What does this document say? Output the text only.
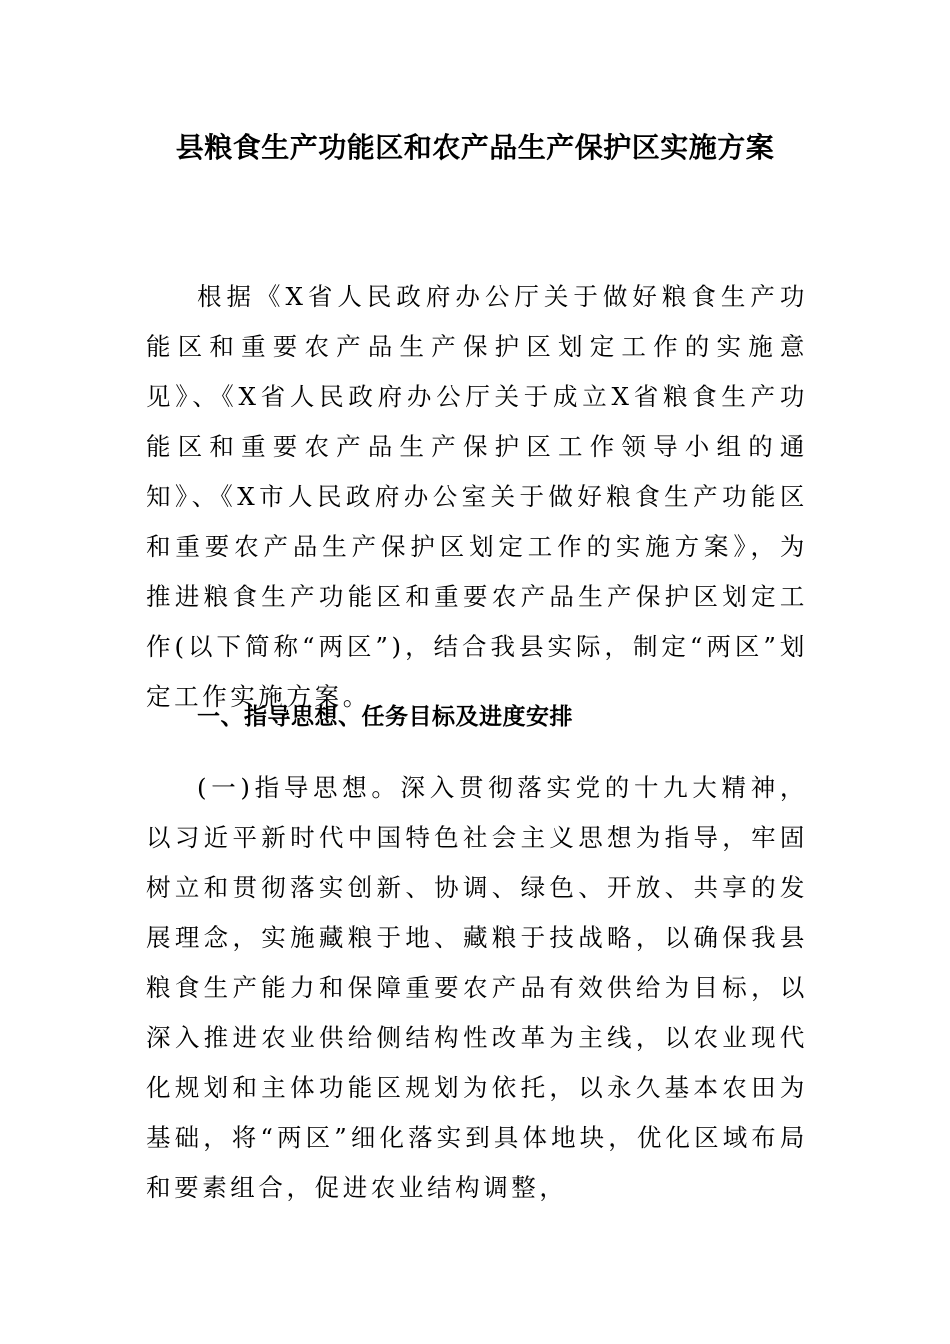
县粮食生产功能区和农产品生产保护区实施方案

根据《X省人民政府办公厅关于做好粮食生产功能区和重要农产品生产保护区划定工作的实施意见》、《X省人民政府办公厅关于成立X省粮食生产功能区和重要农产品生产保护区工作领导小组的通知》、《X市人民政府办公室关于做好粮食生产功能区和重要农产品生产保护区划定工作的实施方案》，为推进粮食生产功能区和重要农产品生产保护区划定工作(以下简称“两区”)，结合我县实际，制定“两区”划定工作实施方案。

一、指导思想、任务目标及进度安排

(一)指导思想。深入贯彻落实党的十九大精神，以习近平新时代中国特色社会主义思想为指导，牢固树立和贯彻落实创新、协调、绿色、开放、共享的发展理念，实施藏粮于地、藏粮于技战略，以确保我县粮食生产能力和保障重要农产品有效供给为目标，以深入推进农业供给侧结构性改革为主线，以农业现代化规划和主体功能区规划为依托，以永久基本农田为基础，将“两区”细化落实到具体地块，优化区域布局和要素组合，促进农业结构调整，
